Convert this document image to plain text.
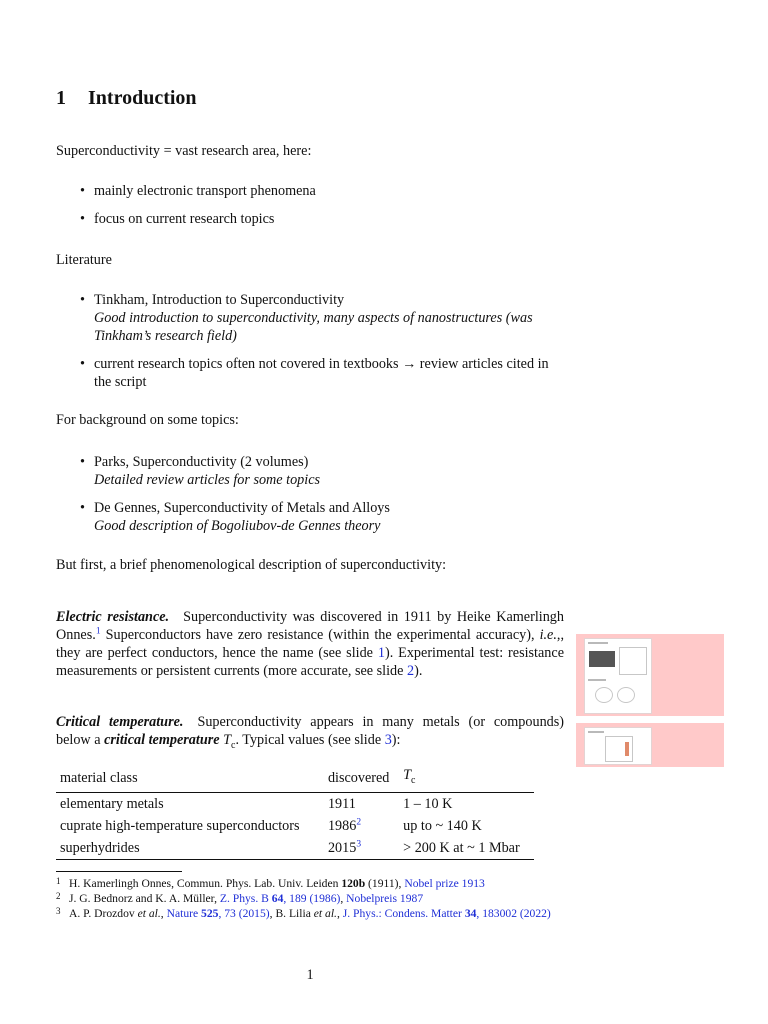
1 Introduction
Superconductivity = vast research area, here:
• mainly electronic transport phenomena
• focus on current research topics
Literature
• Tinkham, Introduction to Superconductivity
Good introduction to superconductivity, many aspects of nanostructures (was Tinkham’s research field)
• current research topics often not covered in textbooks → review articles cited in the script
For background on some topics:
• Parks, Superconductivity (2 volumes)
Detailed review articles for some topics
• De Gennes, Superconductivity of Metals and Alloys
Good description of Bogoliubov-de Gennes theory
But first, a brief phenomenological description of superconductivity:
Electric resistance. Superconductivity was discovered in 1911 by Heike Kamerlingh Onnes.$^1$ Superconductors have zero resistance (within the experimental accuracy), i.e.,, they are perfect conductors, hence the name (see slide 1). Experimental test: resistance measurements or persistent currents (more accurate, see slide 2).
Critical temperature. Superconductivity appears in many metals (or compounds) below a critical temperature $T_c$. Typical values (see slide 3):
material class	discovered	$T_c$
elementary metals	1911	1 – 10 K
cuprate high-temperature superconductors	1986$^2$	up to ~ 140 K
superhydrides	2015$^3$	> 200 K at ~ 1 Mbar
1 H. Kamerlingh Onnes, Commun. Phys. Lab. Univ. Leiden 120b (1911), Nobel prize 1913
2 J. G. Bednorz and K. A. Müller, Z. Phys. B 64, 189 (1986), Nobelpreis 1987
3 A. P. Drozdov et al., Nature 525, 73 (2015), B. Lilia et al., J. Phys.: Condens. Matter 34, 183002 (2022)
1
